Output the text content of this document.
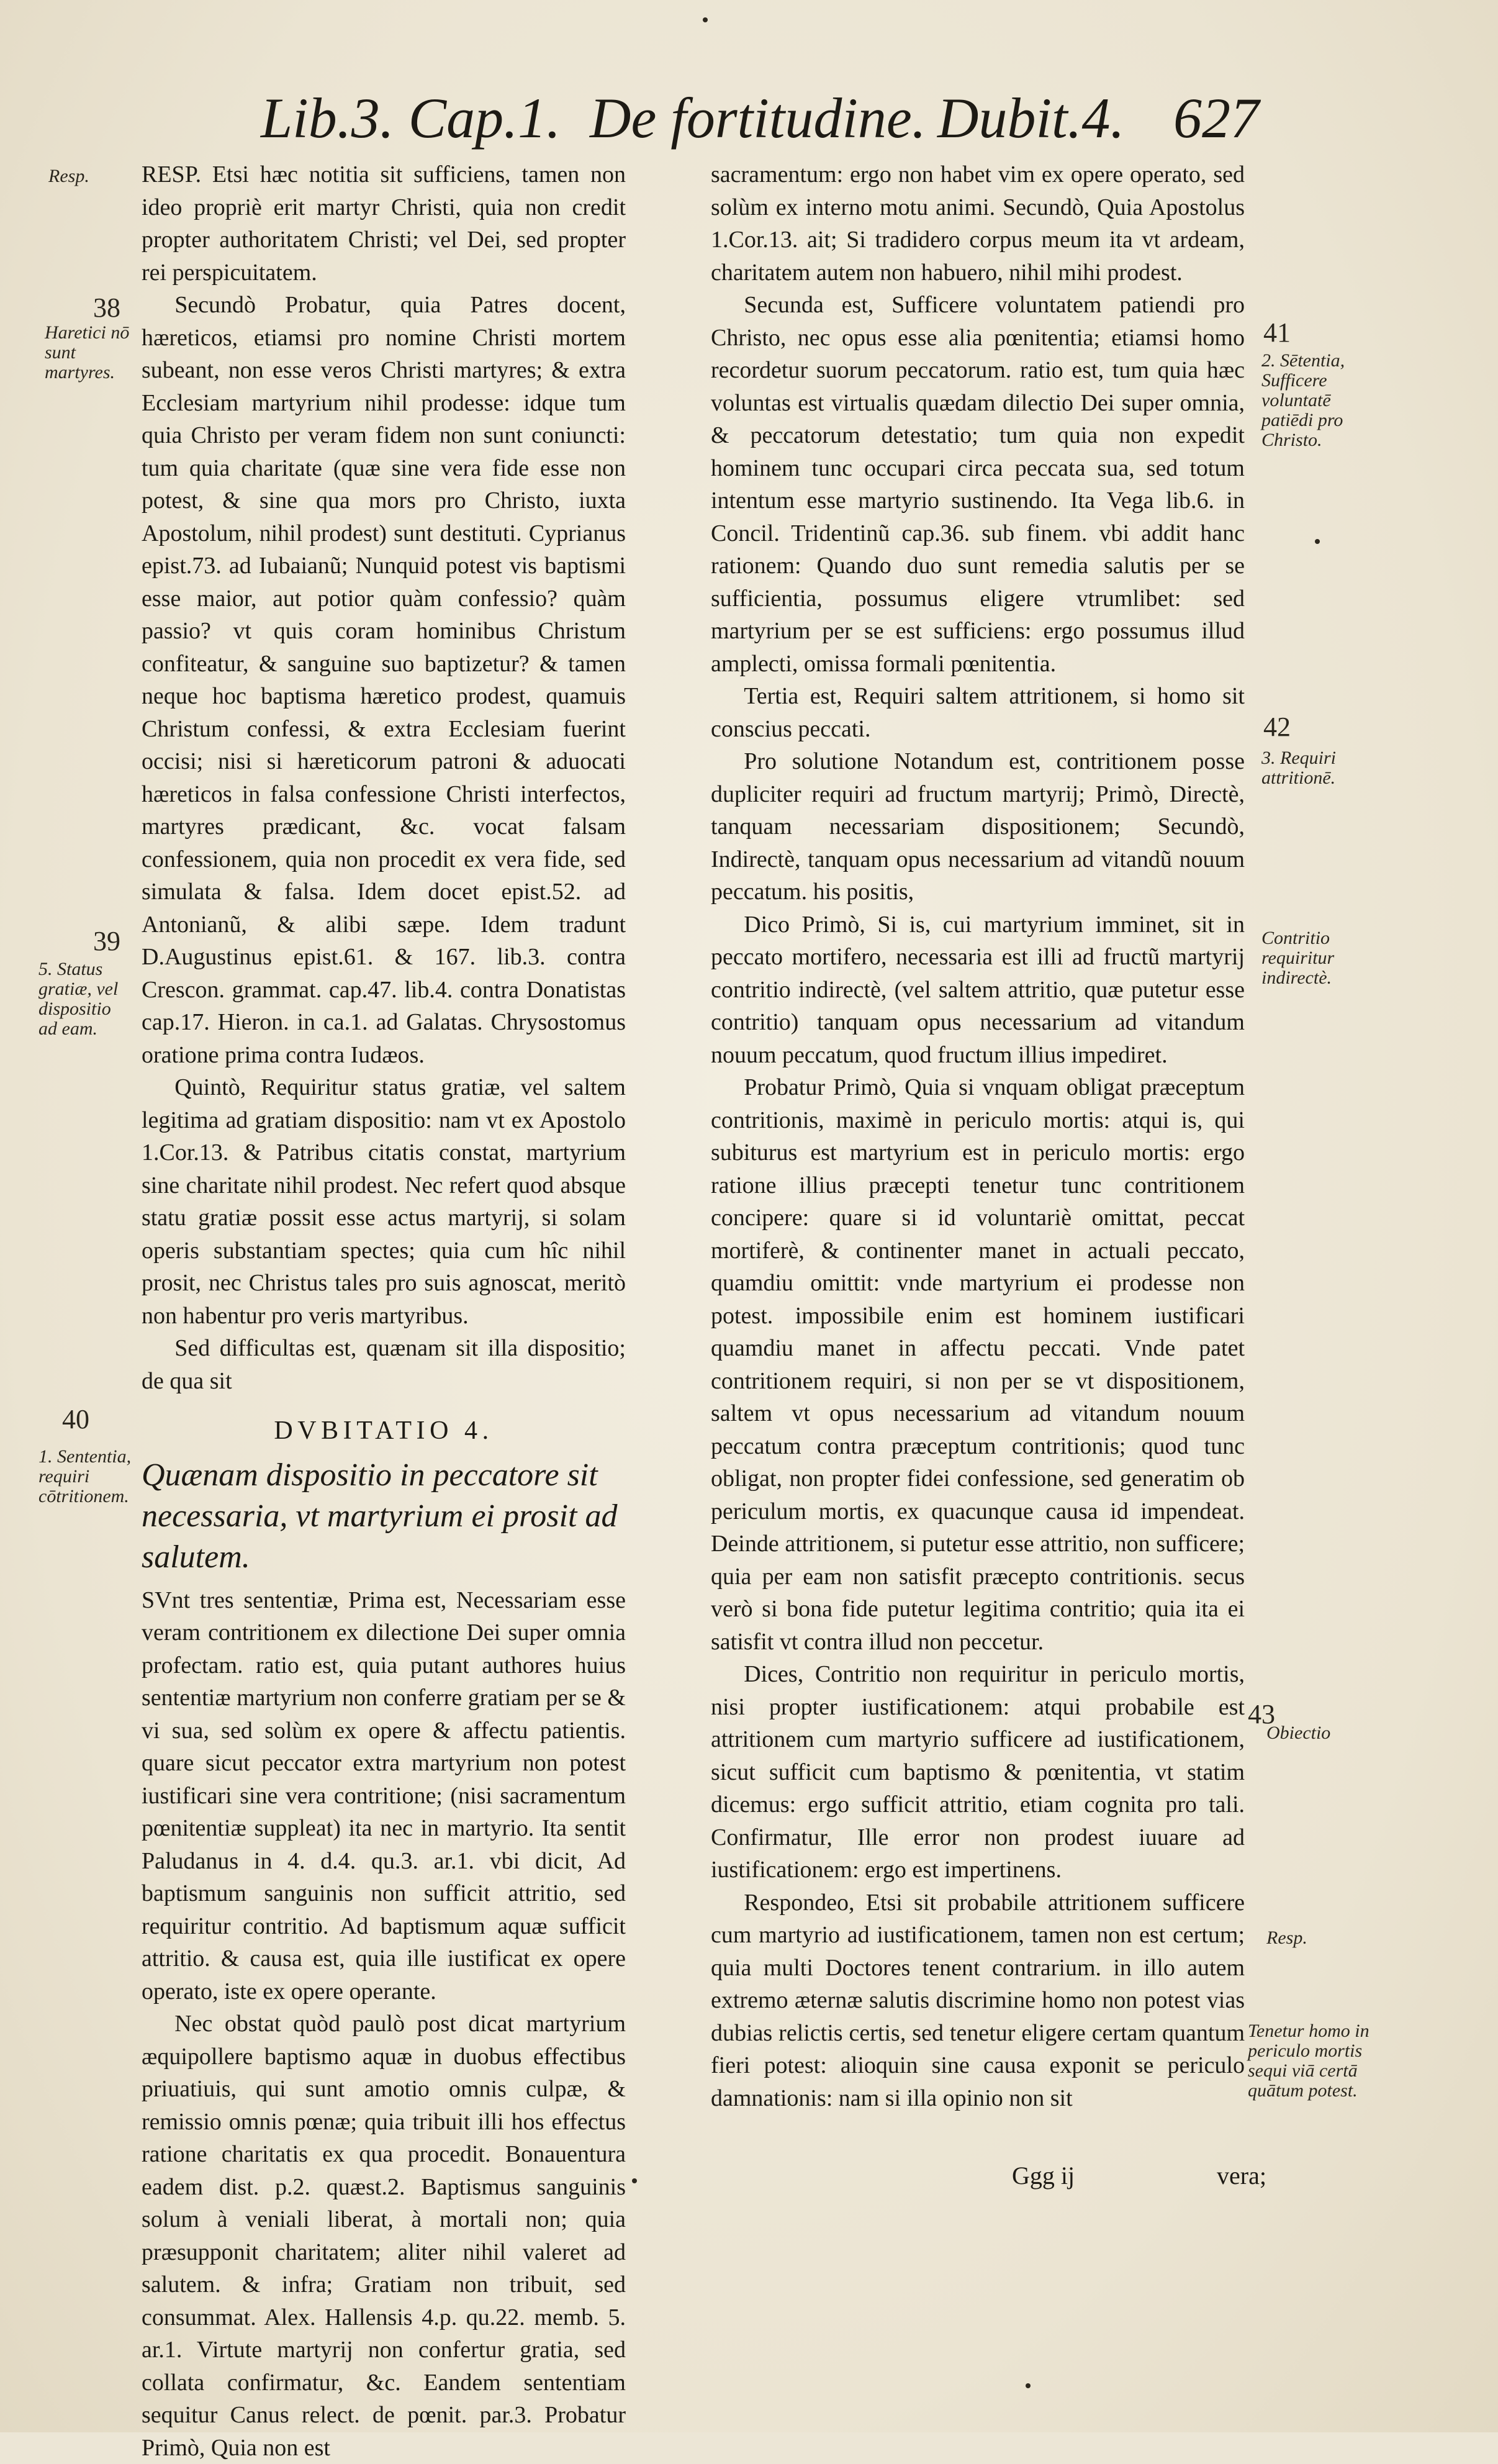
Lib.3. Cap.1. De fortitudine. Dubit.4. 627

RESP. Etsi hæc notitia sit sufficiens, tamen non ideo propriè erit martyr Christi, quia non credit propter authoritatem Christi; vel Dei, sed propter rei perspicuitatem.

Secundò Probatur, quia Patres docent, hæreticos, etiamsi pro nomine Christi mortem subeant, non esse veros Christi martyres; & extra Ecclesiam martyrium nihil prodesse: idque tum quia Christo per veram fidem non sunt coniuncti: tum quia charitate (quæ sine vera fide esse non potest, & sine qua mors pro Christo, iuxta Apostolum, nihil prodest) sunt destituti. Cyprianus epist.73. ad Iubaianũ; Nunquid potest vis baptismi esse maior, aut potior quàm confessio? quàm passio? vt quis coram hominibus Christum confiteatur, & sanguine suo baptizetur? & tamen neque hoc baptisma hæretico prodest, quamuis Christum confessi, & extra Ecclesiam fuerint occisi; nisi si hæreticorum patroni & aduocati hæreticos in falsa confessione Christi interfectos, martyres prædicant, &c. vocat falsam confessionem, quia non procedit ex vera fide, sed simulata & falsa. Idem docet epist.52. ad Antonianũ, & alibi sæpe. Idem tradunt D.Augustinus epist.61. & 167. lib.3. contra Crescon. grammat. cap.47. lib.4. contra Donatistas cap.17. Hieron. in ca.1. ad Galatas. Chrysostomus oratione prima contra Iudæos.

Quintò, Requiritur status gratiæ, vel saltem legitima ad gratiam dispositio: nam vt ex Apostolo 1.Cor.13. & Patribus citatis constat, martyrium sine charitate nihil prodest. Nec refert quod absque statu gratiæ possit esse actus martyrij, si solam operis substantiam spectes; quia cum hîc nihil prosit, nec Christus tales pro suis agnoscat, meritò non habentur pro veris martyribus.

Sed difficultas est, quænam sit illa dispositio; de qua sit

DVBITATIO 4.

Quænam dispositio in peccatore sit necessaria, vt martyrium ei prosit ad salutem.

SVnt tres sententiæ, Prima est, Necessariam esse veram contritionem ex dilectione Dei super omnia profectam. ratio est, quia putant authores huius sententiæ martyrium non conferre gratiam per se & vi sua, sed solùm ex opere & affectu patientis. quare sicut peccator extra martyrium non potest iustificari sine vera contritione; (nisi sacramentum pœnitentiæ suppleat) ita nec in martyrio. Ita sentit Paludanus in 4. d.4. qu.3. ar.1. vbi dicit, Ad baptismum sanguinis non sufficit attritio, sed requiritur contritio. Ad baptismum aquæ sufficit attritio. & causa est, quia ille iustificat ex opere operato, iste ex opere operante.

Nec obstat quòd paulò post dicat martyrium æquipollere baptismo aquæ in duobus effectibus priuatiuis, qui sunt amotio omnis culpæ, & remissio omnis pœnæ; quia tribuit illi hos effectus ratione charitatis ex qua procedit. Bonauentura eadem dist. p.2. quæst.2. Baptismus sanguinis solum à veniali liberat, à mortali non; quia præsupponit charitatem; aliter nihil valeret ad salutem. & infra; Gratiam non tribuit, sed consummat. Alex. Hallensis 4.p. qu.22. memb. 5. ar.1. Virtute martyrij non confertur gratia, sed collata confirmatur, &c. Eandem sententiam sequitur Canus relect. de pœnit. par.3. Probatur Primò, Quia non est

sacramentum: ergo non habet vim ex opere operato, sed solùm ex interno motu animi. Secundò, Quia Apostolus 1.Cor.13. ait; Si tradidero corpus meum ita vt ardeam, charitatem autem non habuero, nihil mihi prodest.

Secunda est, Sufficere voluntatem patiendi pro Christo, nec opus esse alia pœnitentia; etiamsi homo recordetur suorum peccatorum. ratio est, tum quia hæc voluntas est virtualis quædam dilectio Dei super omnia, & peccatorum detestatio; tum quia non expedit hominem tunc occupari circa peccata sua, sed totum intentum esse martyrio sustinendo. Ita Vega lib.6. in Concil. Tridentinũ cap.36. sub finem. vbi addit hanc rationem: Quando duo sunt remedia salutis per se sufficientia, possumus eligere vtrumlibet: sed martyrium per se est sufficiens: ergo possumus illud amplecti, omissa formali pœnitentia.

Tertia est, Requiri saltem attritionem, si homo sit conscius peccati.

Pro solutione Notandum est, contritionem posse dupliciter requiri ad fructum martyrij; Primò, Directè, tanquam necessariam dispositionem; Secundò, Indirectè, tanquam opus necessarium ad vitandũ nouum peccatum. his positis,

Dico Primò, Si is, cui martyrium imminet, sit in peccato mortifero, necessaria est illi ad fructũ martyrij contritio indirectè, (vel saltem attritio, quæ putetur esse contritio) tanquam opus necessarium ad vitandum nouum peccatum, quod fructum illius impediret.

Probatur Primò, Quia si vnquam obligat præceptum contritionis, maximè in periculo mortis: atqui is, qui subiturus est martyrium est in periculo mortis: ergo ratione illius præcepti tenetur tunc contritionem concipere: quare si id voluntariè omittat, peccat mortiferè, & continenter manet in actuali peccato, quamdiu omittit: vnde martyrium ei prodesse non potest. impossibile enim est hominem iustificari quamdiu manet in affectu peccati. Vnde patet contritionem requiri, si non per se vt dispositionem, saltem vt opus necessarium ad vitandum nouum peccatum contra præceptum contritionis; quod tunc obligat, non propter fidei confessione, sed generatim ob periculum mortis, ex quacunque causa id impendeat. Deinde attritionem, si putetur esse attritio, non sufficere; quia per eam non satisfit præcepto contritionis. secus verò si bona fide putetur legitima contritio; quia ita ei satisfit vt contra illud non peccetur.

Dices, Contritio non requiritur in periculo mortis, nisi propter iustificationem: atqui probabile est attritionem cum martyrio sufficere ad iustificationem, sicut sufficit cum baptismo & pœnitentia, vt statim dicemus: ergo sufficit attritio, etiam cognita pro tali. Confirmatur, Ille error non prodest iuuare ad iustificationem: ergo est impertinens.

Respondeo, Etsi sit probabile attritionem sufficere cum martyrio ad iustificationem, tamen non est certum; quia multi Doctores tenent contrarium. in illo autem extremo æternæ salutis discrimine homo non potest vias dubias relictis certis, sed tenetur eligere certam quantum fieri potest: alioquin sine causa exponit se periculo damnationis: nam si illa opinio non sit

Resp.
38
Haretici nō sunt martyres.
39
5. Status gratiæ, vel dispositio ad eam.
40
1. Sententia, requiri cōtritionem.
41
2. Sētentia, Sufficere voluntatē patiēdi pro Christo.
42
3. Requiri attritionē.
Contritio requiritur indirectè.
43
Obiectio
Resp.
Tenetur homo in periculo mortis sequi viā certā quātum potest.
Ggg ij	vera;
